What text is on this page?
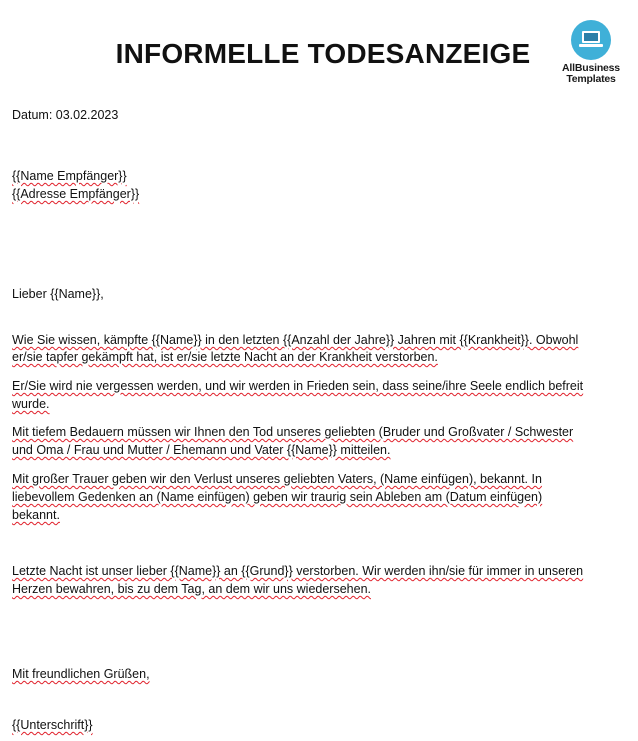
INFORMELLE TODESANZEIGE	AllBusiness
Templates

Datum: 03.02.2023

{{Name Empfänger}}

{{Adresse Empfänger}}

Lieber {{Name}},

Wie Sie wissen, kämpfte {{Name}} in den letzten {{Anzahl der Jahre}} Jahren mit {{Krankheit}}. Obwohl

er/sie tapfer gekämpft hat, ist er/sie letzte Nacht an der Krankheit verstorben.

Er/Sie wird nie vergessen werden, und wir werden in Frieden sein, dass seine/ihre Seele endlich befreit

wurde.

Mit tiefem Bedauern müssen wir Ihnen den Tod unseres geliebten (Bruder und Großvater / Schwester

und Oma / Frau und Mutter / Ehemann und Vater {{Name}} mitteilen.

Mit großer Trauer geben wir den Verlust unseres geliebten Vaters, (Name einfügen), bekannt. In

liebevollem Gedenken an (Name einfügen) geben wir traurig sein Ableben am (Datum einfügen)

bekannt.

Letzte Nacht ist unser lieber {{Name}} an {{Grund}} verstorben. Wir werden ihn/sie für immer in unseren

Herzen bewahren, bis zu dem Tag, an dem wir uns wiedersehen.

Mit freundlichen Grüßen,

{{Unterschrift}}
